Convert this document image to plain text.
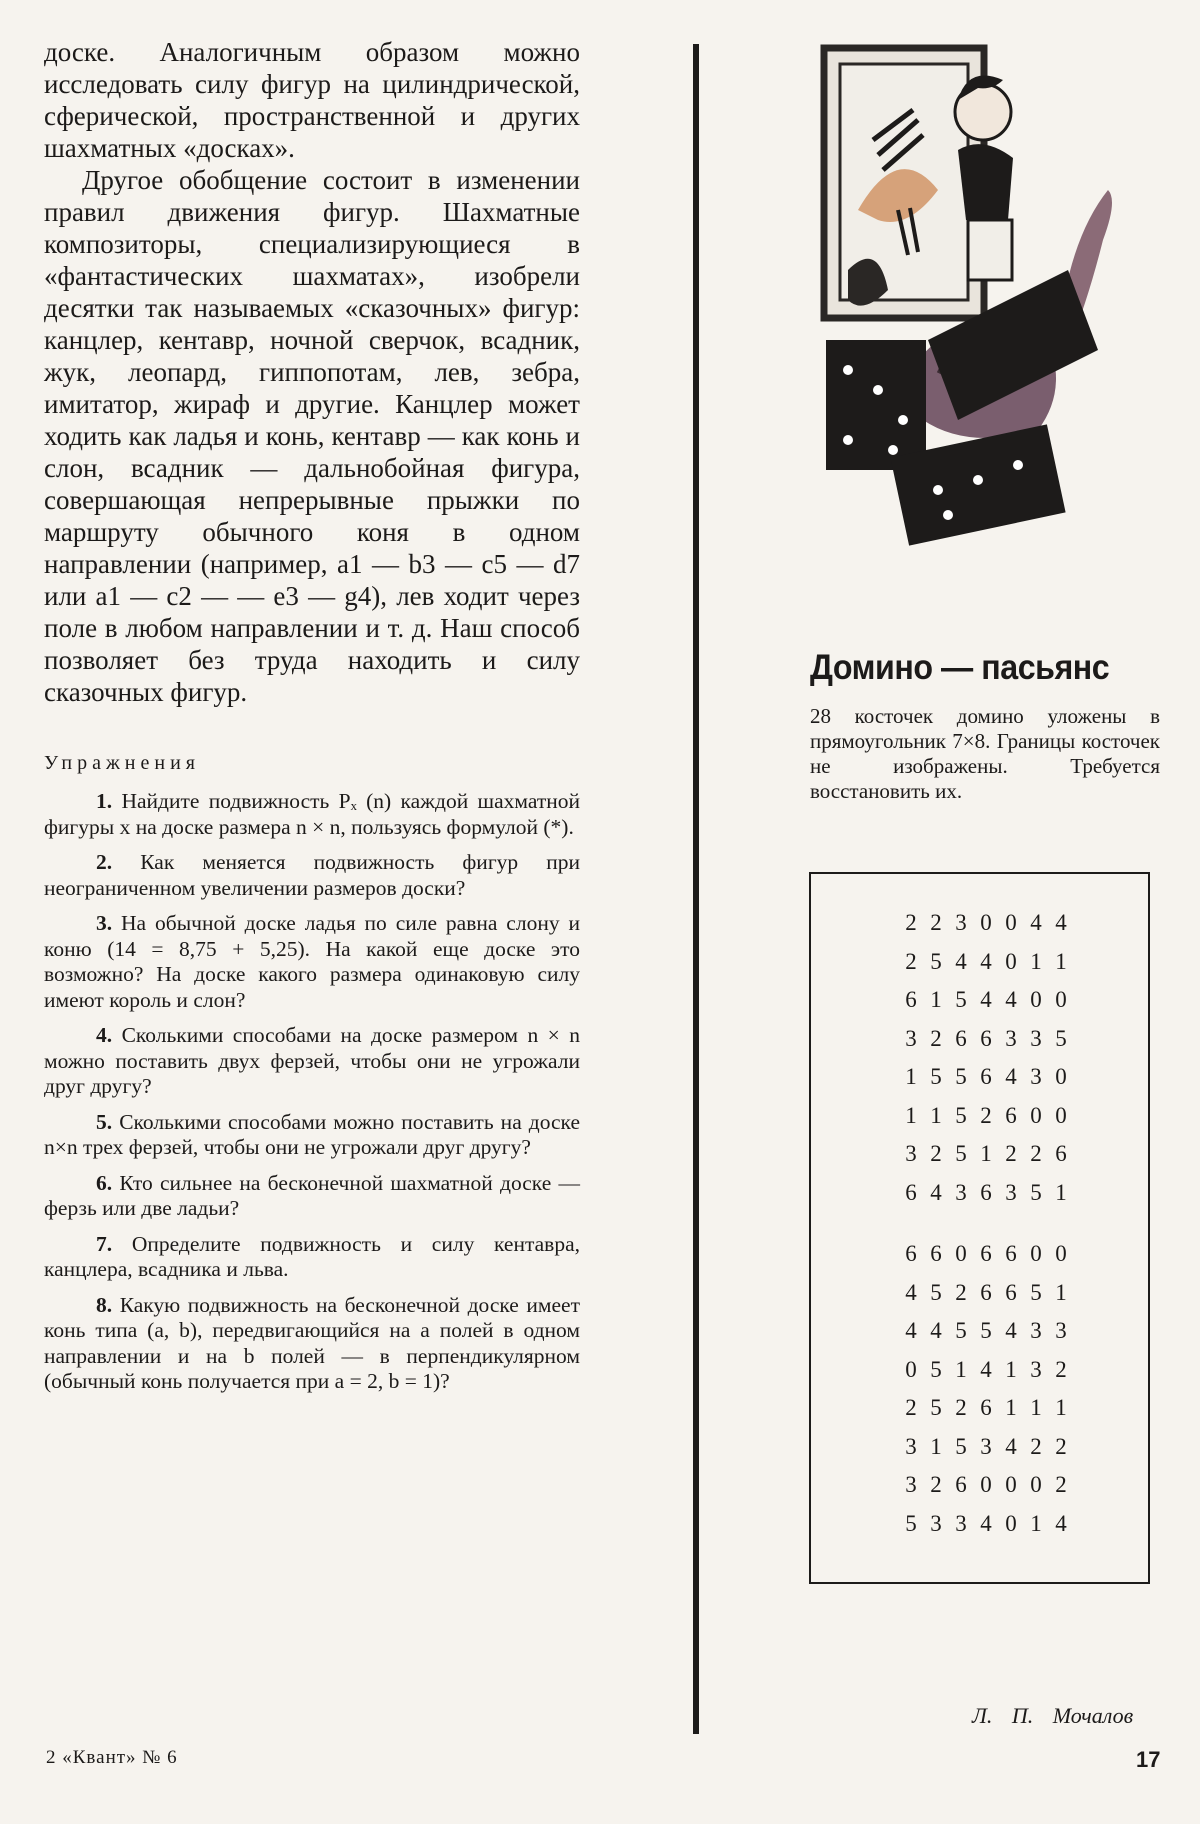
доске. Аналогичным образом можно исследовать силу фигур на цилиндрической, сферической, пространственной и других шахматных «досках».

Другое обобщение состоит в изменении правил движения фигур. Шахматные композиторы, специализирующиеся в «фантастических шахматах», изобрели десятки так называемых «сказочных» фигур: канцлер, кентавр, ночной сверчок, всадник, жук, леопард, гиппопотам, лев, зебра, имитатор, жираф и другие. Канцлер может ходить как ладья и конь, кентавр — как конь и слон, всадник — дальнобойная фигура, совершающая непрерывные прыжки по маршруту обычного коня в одном направлении (например, a1 — b3 — c5 — d7 или a1 — c2 — — e3 — g4), лев ходит через поле в любом направлении и т. д. Наш способ позволяет без труда находить и силу сказочных фигур.

Упражнения

1. Найдите подвижность Pₓ (n) каждой шахматной фигуры x на доске размера n × n, пользуясь формулой (*).

2. Как меняется подвижность фигур при неограниченном увеличении размеров доски?

3. На обычной доске ладья по силе равна слону и коню (14 = 8,75 + 5,25). На какой еще доске это возможно? На доске какого размера одинаковую силу имеют король и слон?

4. Сколькими способами на доске размером n × n можно поставить двух ферзей, чтобы они не угрожали друг другу?

5. Сколькими способами можно поставить на доске n×n трех ферзей, чтобы они не угрожали друг другу?

6. Кто сильнее на бесконечной шахматной доске — ферзь или две ладьи?

7. Определите подвижность и силу кентавра, канцлера, всадника и льва.

8. Какую подвижность на бесконечной доске имеет конь типа (a, b), передвигающийся на a полей в одном направлении и на b полей — в перпендикулярном (обычный конь получается при a = 2, b = 1)?

Домино — пасьянс

28 косточек домино уложены в прямоугольник 7×8. Границы косточек не изображены. Требуется восстановить их.

2 2 3 0 0 4 4
2 5 4 4 0 1 1
6 1 5 4 4 0 0
3 2 6 6 3 3 5
1 5 5 6 4 3 0
1 1 5 2 6 0 0
3 2 5 1 2 2 6
6 4 3 6 3 5 1
6 6 0 6 6 0 0
4 5 2 6 6 5 1
4 4 5 5 4 3 3
0 5 1 4 1 3 2
2 5 2 6 1 1 1
3 1 5 3 4 2 2
3 2 6 0 0 0 2
5 3 3 4 0 1 4
Л. П. Мочалов
2 «Квант» № 6	17
